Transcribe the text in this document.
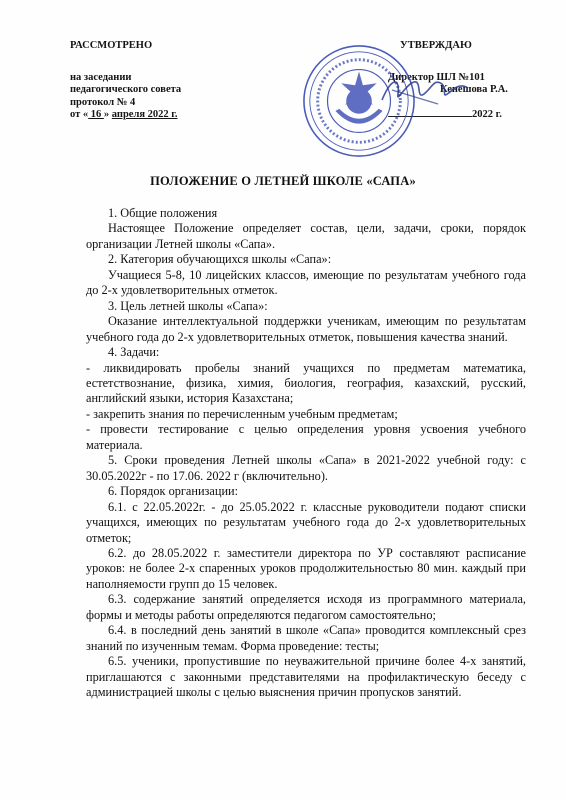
РАССМОТРЕНО
на заседании
педагогического совета
протокол № 4
от « 16 » апреля 2022 г.
УТВЕРЖДАЮ
Директор ШЛ №101
Кенешова Р.А.
2022 г.
ПОЛОЖЕНИЕ О ЛЕТНЕЙ ШКОЛЕ «САПА»

1. Общие положения

Настоящее Положение определяет состав, цели, задачи, сроки, порядок организации Летней школы «Сапа».

2. Категория обучающихся школы «Сапа»:

Учащиеся 5-8, 10 лицейских классов, имеющие по результатам учебного года до 2-х удовлетворительных отметок.

3. Цель летней школы «Сапа»:

Оказание интеллектуальной поддержки ученикам, имеющим по результатам учебного года до 2-х удовлетворительных отметок, повышения качества знаний.

4. Задачи:

- ликвидировать пробелы знаний учащихся по предметам математика, естетствознание, физика, химия, биология, география, казахский, русский, английский языки, история Казахстана;

- закрепить знания по перечисленным учебным предметам;

- провести тестирование с целью определения уровня усвоения учебного материала.

5. Сроки проведения Летней школы «Сапа» в 2021-2022 учебной году: с 30.05.2022г - по 17.06. 2022 г (включительно).

6. Порядок организации:

6.1. с 22.05.2022г. - до 25.05.2022 г. классные руководители подают списки учащихся, имеющих по результатам учебного года до 2-х удовлетворительных отметок;

6.2. до 28.05.2022 г. заместители директора по УР составляют расписание уроков: не более 2-х спаренных уроков продолжительностью 80 мин. каждый при наполняемости групп до 15 человек.

6.3. содержание занятий определяется исходя из программного материала, формы и методы работы определяются педагогом самостоятельно;

6.4. в последний день занятий в школе «Сапа» проводится комплексный срез знаний по изученным темам. Форма проведение: тесты;

6.5. ученики, пропустившие по неуважительной причине более 4-х занятий, приглашаются с законными представителями на профилактическую беседу с администрацией школы с целью выяснения причин пропусков занятий.
